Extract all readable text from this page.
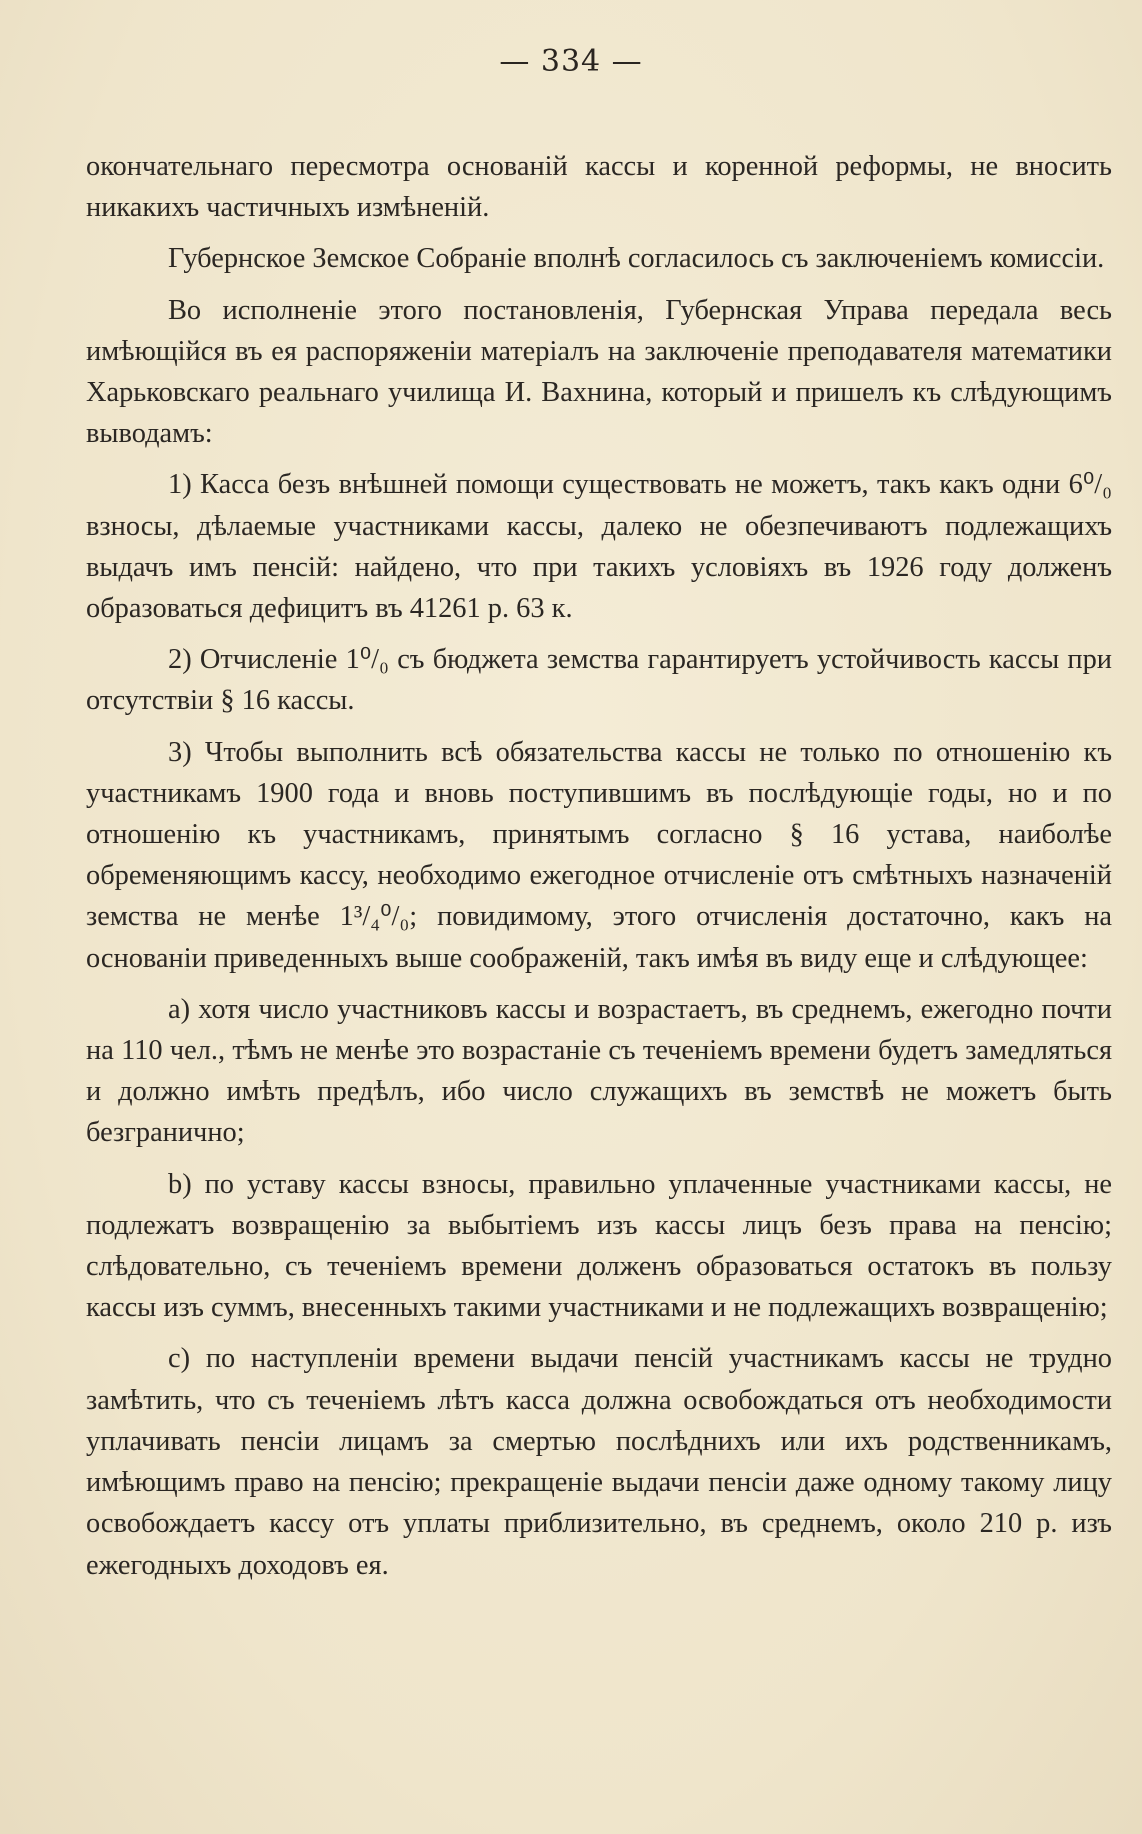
— 334 —

окончательнаго пересмотра основаній кассы и коренной реформы, не вносить никакихъ частичныхъ измѣненій.

Губернское Земское Собраніе вполнѣ согласилось съ заключеніемъ комиссіи.

Во исполненіе этого постановленія, Губернская Управа передала весь имѣющійся въ ея распоряженіи матеріалъ на заключеніе преподавателя математики Харьковскаго реальнаго училища И. Вахнина, который и пришелъ къ слѣдующимъ выводамъ:

1) Касса безъ внѣшней помощи существовать не можетъ, такъ какъ одни 6⁰/₀ взносы, дѣлаемые участниками кассы, далеко не обезпечиваютъ подлежащихъ выдачъ имъ пенсій: найдено, что при такихъ условіяхъ въ 1926 году долженъ образоваться дефицитъ въ 41261 р. 63 к.

2) Отчисленіе 1⁰/₀ съ бюджета земства гарантируетъ устойчивость кассы при отсутствіи § 16 кассы.

3) Чтобы выполнить всѣ обязательства кассы не только по отношенію къ участникамъ 1900 года и вновь поступившимъ въ послѣдующіе годы, но и по отношенію къ участникамъ, принятымъ согласно § 16 устава, наиболѣе обременяющимъ кассу, необходимо ежегодное отчисленіе отъ смѣтныхъ назначеній земства не менѣе 1³/₄⁰/₀; повидимому, этого отчисленія достаточно, какъ на основаніи приведенныхъ выше соображеній, такъ имѣя въ виду еще и слѣдующее:

a) хотя число участниковъ кассы и возрастаетъ, въ среднемъ, ежегодно почти на 110 чел., тѣмъ не менѣе это возрастаніе съ теченіемъ времени будетъ замедляться и должно имѣть предѣлъ, ибо число служащихъ въ земствѣ не можетъ быть безгранично;

b) по уставу кассы взносы, правильно уплаченные участниками кассы, не подлежатъ возвращенію за выбытіемъ изъ кассы лицъ безъ права на пенсію; слѣдовательно, съ теченіемъ времени долженъ образоваться остатокъ въ пользу кассы изъ суммъ, внесенныхъ такими участниками и не подлежащихъ возвращенію;

c) по наступленіи времени выдачи пенсій участникамъ кассы не трудно замѣтить, что съ теченіемъ лѣтъ касса должна освобождаться отъ необходимости уплачивать пенсіи лицамъ за смертью послѣднихъ или ихъ родственникамъ, имѣющимъ право на пенсію; прекращеніе выдачи пенсіи даже одному такому лицу освобождаетъ кассу отъ уплаты приблизительно, въ среднемъ, около 210 р. изъ ежегодныхъ доходовъ ея.
